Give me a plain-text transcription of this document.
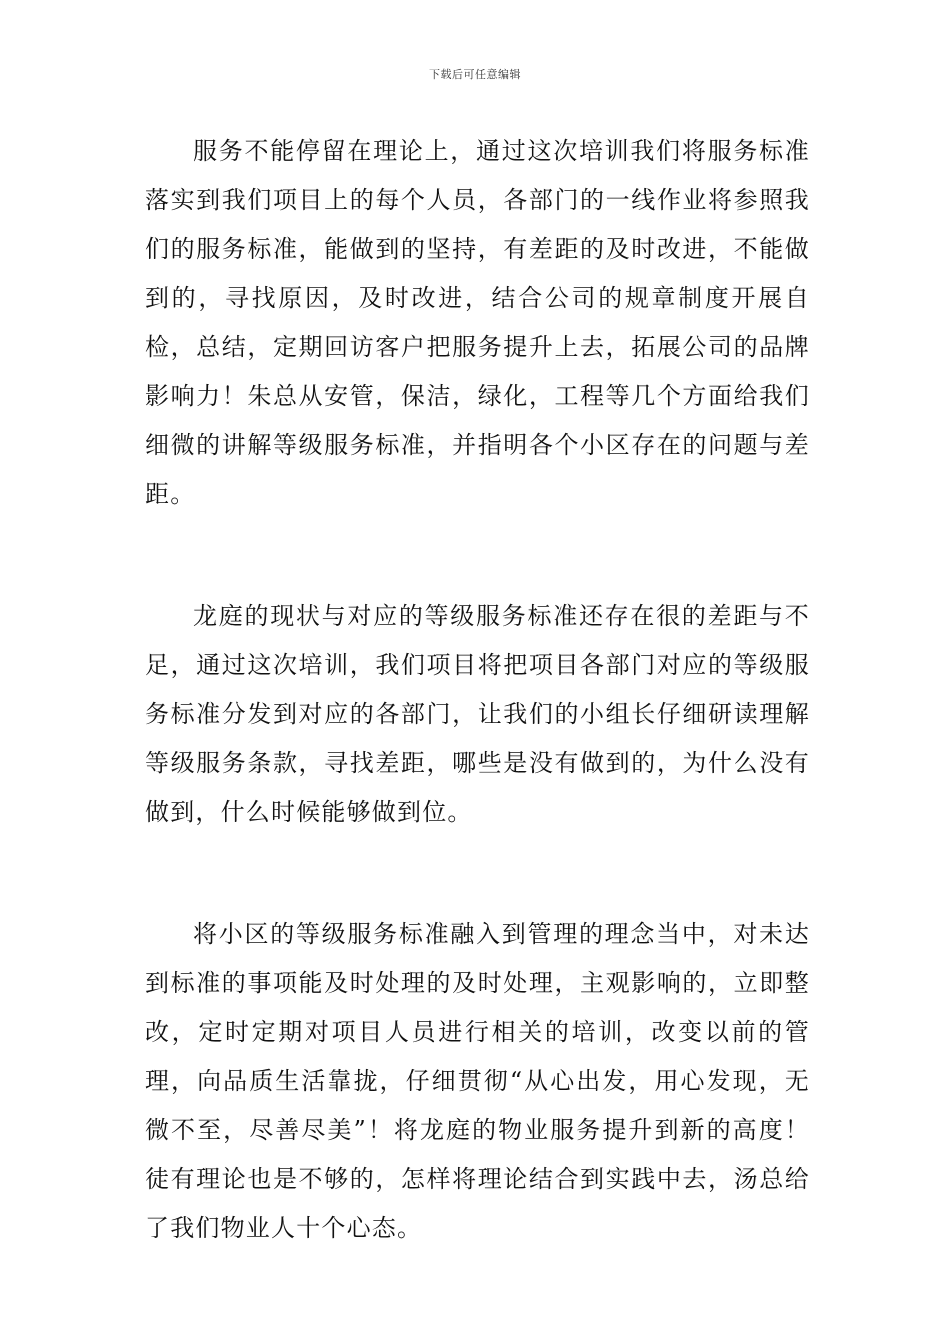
下载后可任意编辑

服务不能停留在理论上，通过这次培训我们将服务标准落实到我们项目上的每个人员，各部门的一线作业将参照我们的服务标准，能做到的坚持，有差距的及时改进，不能做到的，寻找原因，及时改进，结合公司的规章制度开展自检，总结，定期回访客户把服务提升上去，拓展公司的品牌影响力！朱总从安管，保洁，绿化，工程等几个方面给我们细微的讲解等级服务标准，并指明各个小区存在的问题与差距。

龙庭的现状与对应的等级服务标准还存在很的差距与不足，通过这次培训，我们项目将把项目各部门对应的等级服务标准分发到对应的各部门，让我们的小组长仔细研读理解等级服务条款，寻找差距，哪些是没有做到的，为什么没有做到，什么时候能够做到位。

将小区的等级服务标准融入到管理的理念当中，对未达到标准的事项能及时处理的及时处理，主观影响的，立即整改，定时定期对项目人员进行相关的培训，改变以前的管理，向品质生活靠拢，仔细贯彻“从心出发，用心发现，无微不至，尽善尽美”！将龙庭的物业服务提升到新的高度！徒有理论也是不够的，怎样将理论结合到实践中去，汤总给了我们物业人十个心态。
